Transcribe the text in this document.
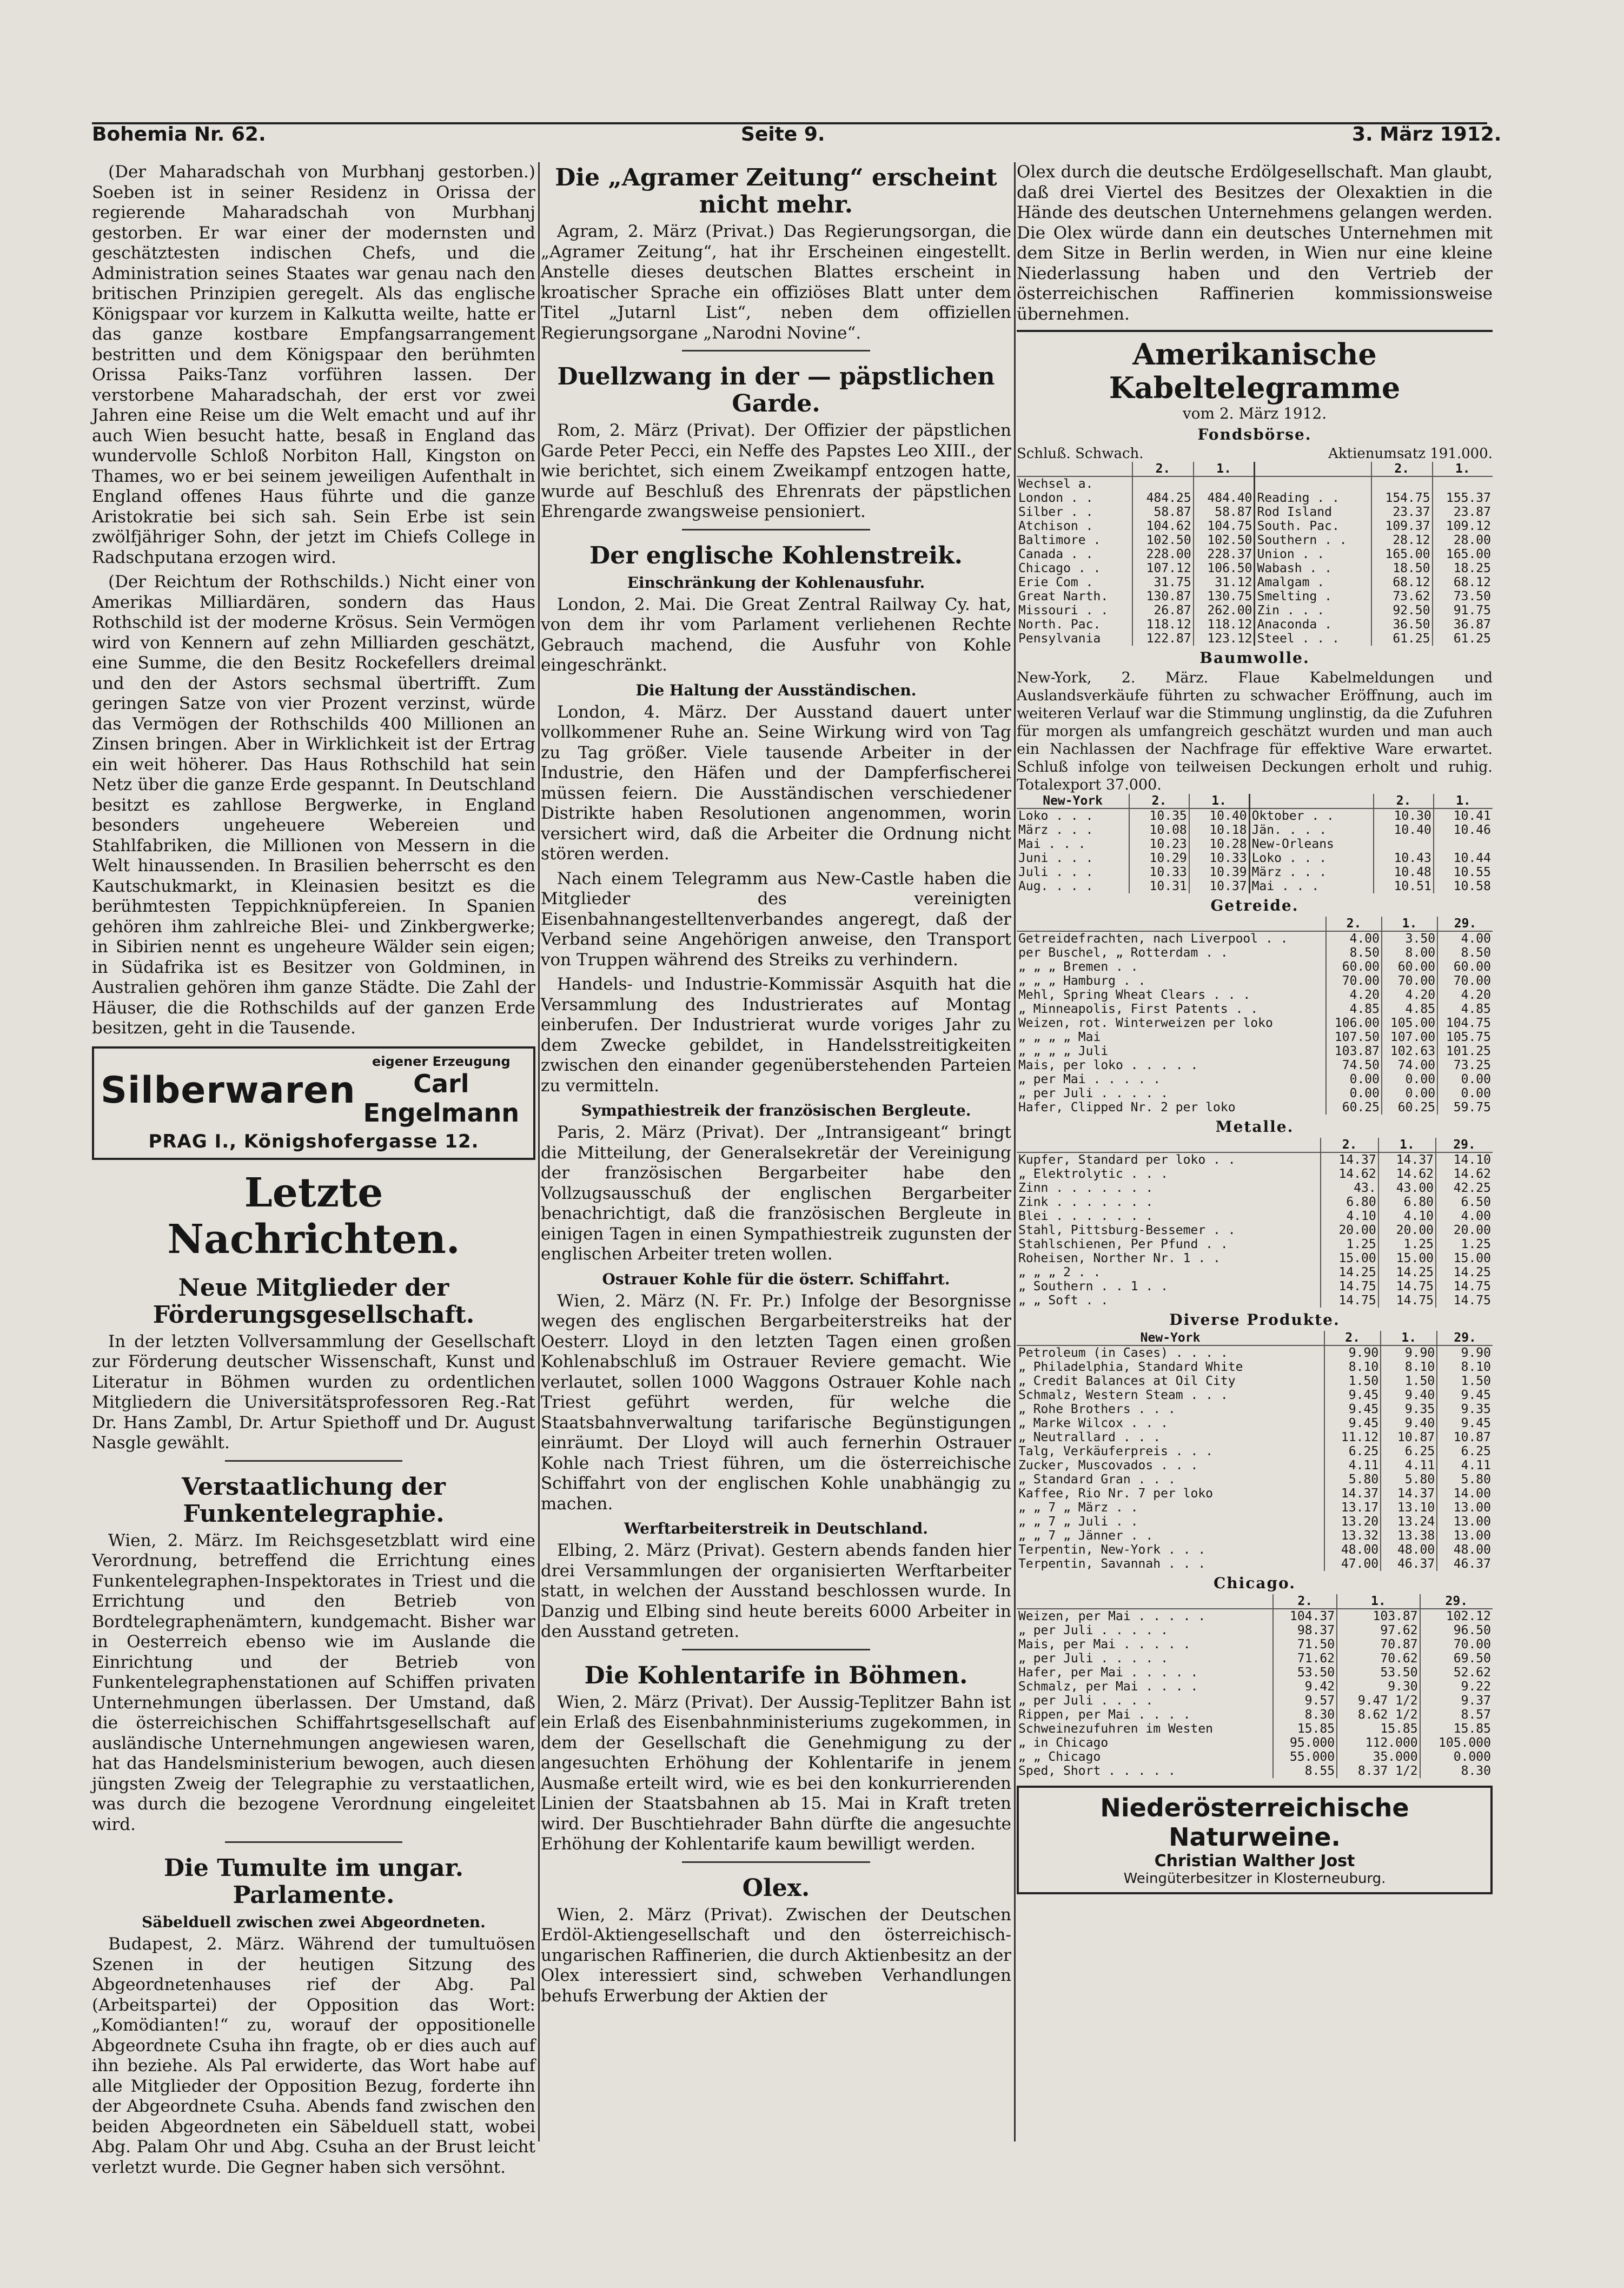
Bohemia Nr. 62.	Seite 9.	3. März 1912.

(Der Maharadschah von Murbhanj gestorben.) Soeben ist in seiner Residenz in Orissa der regierende Maharadschah von Murbhanj gestorben. Er war einer der modernsten und geschätztesten indischen Chefs, und die Administration seines Staates war genau nach den britischen Prinzipien geregelt. Als das englische Königspaar vor kurzem in Kalkutta weilte, hatte er das ganze kostbare Empfangsarrangement bestritten und dem Königspaar den berühmten Orissa Paiks-Tanz vorführen lassen. Der verstorbene Maharadschah, der erst vor zwei Jahren eine Reise um die Welt emacht und auf ihr auch Wien besucht hatte, besaß in England das wundervolle Schloß Norbiton Hall, Kingston on Thames, wo er bei seinem jeweiligen Aufenthalt in England offenes Haus führte und die ganze Aristokratie bei sich sah. Sein Erbe ist sein zwölfjähriger Sohn, der jetzt im Chiefs College in Radschputana erzogen wird.

(Der Reichtum der Rothschilds.) Nicht einer von Amerikas Milliardären, sondern das Haus Rothschild ist der moderne Krösus. Sein Vermögen wird von Kennern auf zehn Milliarden geschätzt, eine Summe, die den Besitz Rockefellers dreimal und den der Astors sechsmal übertrifft. Zum geringen Satze von vier Prozent verzinst, würde das Vermögen der Rothschilds 400 Millionen an Zinsen bringen. Aber in Wirklichkeit ist der Ertrag ein weit höherer. Das Haus Rothschild hat sein Netz über die ganze Erde gespannt. In Deutschland besitzt es zahllose Bergwerke, in England besonders ungeheuere Webereien und Stahlfabriken, die Millionen von Messern in die Welt hinaussenden. In Brasilien beherrscht es den Kautschukmarkt, in Kleinasien besitzt es die berühmtesten Teppichknüpfereien. In Spanien gehören ihm zahlreiche Blei- und Zinkbergwerke; in Sibirien nennt es ungeheure Wälder sein eigen; in Südafrika ist es Besitzer von Goldminen, in Australien gehören ihm ganze Städte. Die Zahl der Häuser, die die Rothschilds auf der ganzen Erde besitzen, geht in die Tausende.

Silberwaren
eigener Erzeugung
Carl Engelmann
PRAG I., Königshofergasse 12.
Letzte Nachrichten.
Neue Mitglieder der Förderungsgesellschaft.

In der letzten Vollversammlung der Gesellschaft zur Förderung deutscher Wissenschaft, Kunst und Literatur in Böhmen wurden zu ordentlichen Mitgliedern die Universitätsprofessoren Reg.-Rat Dr. Hans Zambl, Dr. Artur Spiethoff und Dr. August Nasgle gewählt.

Verstaatlichung der Funkentelegraphie.

Wien, 2. März. Im Reichsgesetzblatt wird eine Verordnung, betreffend die Errichtung eines Funkentelegraphen-Inspektorates in Triest und die Errichtung und den Betrieb von Bordtelegraphenämtern, kundgemacht. Bisher war in Oesterreich ebenso wie im Auslande die Einrichtung und der Betrieb von Funkentelegraphenstationen auf Schiffen privaten Unternehmungen überlassen. Der Umstand, daß die österreichischen Schiffahrtsgesellschaft auf ausländische Unternehmungen angewiesen waren, hat das Handelsministerium bewogen, auch diesen jüngsten Zweig der Telegraphie zu verstaatlichen, was durch die bezogene Verordnung eingeleitet wird.

Die Tumulte im ungar. Parlamente.
Säbelduell zwischen zwei Abgeordneten.

Budapest, 2. März. Während der tumultuösen Szenen in der heutigen Sitzung des Abgeordnetenhauses rief der Abg. Pal (Arbeitspartei) der Opposition das Wort: „Komödianten!“ zu, worauf der oppositionelle Abgeordnete Csuha ihn fragte, ob er dies auch auf ihn beziehe. Als Pal erwiderte, das Wort habe auf alle Mitglieder der Opposition Bezug, forderte ihn der Abgeordnete Csuha. Abends fand zwischen den beiden Abgeordneten ein Säbelduell statt, wobei Abg. Palam Ohr und Abg. Csuha an der Brust leicht verletzt wurde. Die Gegner haben sich versöhnt.

Die „Agramer Zeitung“ erscheint nicht mehr.

Agram, 2. März (Privat.) Das Regierungsorgan, die „Agramer Zeitung“, hat ihr Erscheinen eingestellt. Anstelle dieses deutschen Blattes erscheint in kroatischer Sprache ein offiziöses Blatt unter dem Titel „Jutarnl List“, neben dem offiziellen Regierungsorgane „Narodni Novine“.

Duellzwang in der — päpstlichen Garde.

Rom, 2. März (Privat). Der Offizier der päpstlichen Garde Peter Pecci, ein Neffe des Papstes Leo XIII., der wie berichtet, sich einem Zweikampf entzogen hatte, wurde auf Beschluß des Ehrenrats der päpstlichen Ehrengarde zwangsweise pensioniert.

Der englische Kohlenstreik.
Einschränkung der Kohlenausfuhr.

London, 2. Mai. Die Great Zentral Railway Cy. hat, von dem ihr vom Parlament verliehenen Rechte Gebrauch machend, die Ausfuhr von Kohle eingeschränkt.

Die Haltung der Ausständischen.

London, 4. März. Der Ausstand dauert unter vollkommener Ruhe an. Seine Wirkung wird von Tag zu Tag größer. Viele tausende Arbeiter in der Industrie, den Häfen und der Dampferfischerei müssen feiern. Die Ausständischen verschiedener Distrikte haben Resolutionen angenommen, worin versichert wird, daß die Arbeiter die Ordnung nicht stören werden.

Nach einem Telegramm aus New-Castle haben die Mitglieder des vereinigten Eisenbahnangestelltenverbandes angeregt, daß der Verband seine Angehörigen anweise, den Transport von Truppen während des Streiks zu verhindern.

Handels- und Industrie-Kommissär Asquith hat die Versammlung des Industrierates auf Montag einberufen. Der Industrierat wurde voriges Jahr zu dem Zwecke gebildet, in Handelsstreitigkeiten zwischen den einander gegenüberstehenden Parteien zu vermitteln.

Sympathiestreik der französischen Bergleute.

Paris, 2. März (Privat). Der „Intransigeant“ bringt die Mitteilung, der Generalsekretär der Vereinigung der französischen Bergarbeiter habe den Vollzugsausschuß der englischen Bergarbeiter benachrichtigt, daß die französischen Bergleute in einigen Tagen in einen Sympathiestreik zugunsten der englischen Arbeiter treten wollen.

Ostrauer Kohle für die österr. Schiffahrt.

Wien, 2. März (N. Fr. Pr.) Infolge der Besorgnisse wegen des englischen Bergarbeiterstreiks hat der Oesterr. Lloyd in den letzten Tagen einen großen Kohlenabschluß im Ostrauer Reviere gemacht. Wie verlautet, sollen 1000 Waggons Ostrauer Kohle nach Triest geführt werden, für welche die Staatsbahnverwaltung tarifarische Begünstigungen einräumt. Der Lloyd will auch fernerhin Ostrauer Kohle nach Triest führen, um die österreichische Schiffahrt von der englischen Kohle unabhängig zu machen.

Werftarbeiterstreik in Deutschland.

Elbing, 2. März (Privat). Gestern abends fanden hier drei Versammlungen der organisierten Werftarbeiter statt, in welchen der Ausstand beschlossen wurde. In Danzig und Elbing sind heute bereits 6000 Arbeiter in den Ausstand getreten.

Die Kohlentarife in Böhmen.

Wien, 2. März (Privat). Der Aussig-Teplitzer Bahn ist ein Erlaß des Eisenbahnministeriums zugekommen, in dem der Gesellschaft die Genehmigung zu der angesuchten Erhöhung der Kohlentarife in jenem Ausmaße erteilt wird, wie es bei den konkurrierenden Linien der Staatsbahnen ab 15. Mai in Kraft treten wird. Der Buschtiehrader Bahn dürfte die angesuchte Erhöhung der Kohlentarife kaum bewilligt werden.

Olex.

Wien, 2. März (Privat). Zwischen der Deutschen Erdöl-Aktiengesellschaft und den österreichisch-ungarischen Raffinerien, die durch Aktienbesitz an der Olex interessiert sind, schweben Verhandlungen behufs Erwerbung der Aktien der

Olex durch die deutsche Erdölgesellschaft. Man glaubt, daß drei Viertel des Besitzes der Olexaktien in die Hände des deutschen Unternehmens gelangen werden. Die Olex würde dann ein deutsches Unternehmen mit dem Sitze in Berlin werden, in Wien nur eine kleine Niederlassung haben und den Vertrieb der österreichischen Raffinerien kommissionsweise übernehmen.

Amerikanische Kabeltelegramme
vom 2. März 1912.
Fondsbörse.
Schluß. Schwach.	Aktienumsatz 191.000.
	2.	1.		2.	1.
Wechsel a.					
London . .	484.25	484.40	Reading . .	154.75	155.37
Silber . .	58.87	58.87	Rod Island	23.37	23.87
Atchison .	104.62	104.75	South. Pac.	109.37	109.12
Baltimore .	102.50	102.50	Southern . .	28.12	28.00
Canada . .	228.00	228.37	Union . .	165.00	165.00
Chicago . .	107.12	106.50	Wabash . .	18.50	18.25
Erie Com .	31.75	31.12	Amalgam .	68.12	68.12
Great Narth.	130.87	130.75	Smelting .	73.62	73.50
Missouri . .	26.87	262.00	Zin . . .	92.50	91.75
North. Pac.	118.12	118.12	Anaconda .	36.50	36.87
Pensylvania	122.87	123.12	Steel . . .	61.25	61.25
Baumwolle.
New-York, 2. März. Flaue Kabelmeldungen und Auslandsverkäufe führten zu schwacher Eröffnung, auch im weiteren Verlauf war die Stimmung unglinstig, da die Zufuhren für morgen als umfangreich geschätzt wurden und man auch ein Nachlassen der Nachfrage für effektive Ware erwartet. Schluß infolge von teilweisen Deckungen erholt und ruhig. Totalexport 37.000.
New-York	2.	1.		2.	1.
Loko . . .	10.35	10.40	Oktober . .	10.30	10.41
März . . .	10.08	10.18	Jän. . . .	10.40	10.46
Mai . . .	10.23	10.28	New-Orleans		
Juni . . .	10.29	10.33	Loko . . .	10.43	10.44
Juli . . .	10.33	10.39	März . . .	10.48	10.55
Aug. . . .	10.31	10.37	Mai . . .	10.51	10.58
Getreide.
	2.	1.	29.
Getreidefrachten, nach Liverpool . .	4.00	3.50	4.00
per Buschel, „ Rotterdam . .	8.50	8.00	8.50
„ „ „ Bremen . .	60.00	60.00	60.00
„ „ „ Hamburg . .	70.00	70.00	70.00
Mehl, Spring Wheat Clears . . .	4.20	4.20	4.20
„ Minneapolis, First Patents . .	4.85	4.85	4.85
Weizen, rot. Winterweizen per loko	106.00	105.00	104.75
„ „ „ „ Mai	107.50	107.00	105.75
„ „ „ „ Juli	103.87	102.63	101.25
Mais, per loko . . . . .	74.50	74.00	73.25
„ per Mai . . . . .	0.00	0.00	0.00
„ per Juli . . . . .	0.00	0.00	0.00
Hafer, Clipped Nr. 2 per loko	60.25	60.25	59.75
Metalle.
	2.	1.	29.
Kupfer, Standard per loko . .	14.37	14.37	14.10
„ Elektrolytic . . .	14.62	14.62	14.62
Zinn . . . . . . .	43.	43.00	42.25
Zink . . . . . . .	6.80	6.80	6.50
Blei . . . . . . .	4.10	4.10	4.00
Stahl, Pittsburg-Bessemer . .	20.00	20.00	20.00
Stahlschienen, Per Pfund . .	1.25	1.25	1.25
Roheisen, Norther Nr. 1 . .	15.00	15.00	15.00
„ „ „ 2 . .	14.25	14.25	14.25
„ Southern . . 1 . .	14.75	14.75	14.75
„ „ Soft . .	14.75	14.75	14.75
Diverse Produkte.
New-York	2.	1.	29.
Petroleum (in Cases) . . . .	9.90	9.90	9.90
„ Philadelphia, Standard White	8.10	8.10	8.10
„ Credit Balances at Oil City	1.50	1.50	1.50
Schmalz, Western Steam . . .	9.45	9.40	9.45
„ Rohe Brothers . . .	9.45	9.35	9.35
„ Marke Wilcox . . .	9.45	9.40	9.45
„ Neutrallard . . .	11.12	10.87	10.87
Talg, Verkäuferpreis . . .	6.25	6.25	6.25
Zucker, Muscovados . . .	4.11	4.11	4.11
„ Standard Gran . . .	5.80	5.80	5.80
Kaffee, Rio Nr. 7 per loko	14.37	14.37	14.00
„ „ 7 „ März . .	13.17	13.10	13.00
„ „ 7 „ Juli . .	13.20	13.24	13.00
„ „ 7 „ Jänner . .	13.32	13.38	13.00
Terpentin, New-York . . .	48.00	48.00	48.00
Terpentin, Savannah . . .	47.00	46.37	46.37
Chicago.
	2.	1.	29.
Weizen, per Mai . . . . .	104.37	103.87	102.12
„ per Juli . . . . .	98.37	97.62	96.50
Mais, per Mai . . . . .	71.50	70.87	70.00
„ per Juli . . . . .	71.62	70.62	69.50
Hafer, per Mai . . . . .	53.50	53.50	52.62
Schmalz, per Mai . . . .	9.42	9.30	9.22
„ per Juli . . . .	9.57	9.47 1/2	9.37
Rippen, per Mai . . . .	8.30	8.62 1/2	8.57
Schweinezufuhren im Westen	15.85	15.85	15.85
„ in Chicago	95.000	112.000	105.000
„ „ Chicago	55.000	35.000	0.000
Sped, Short . . . . .	8.55	8.37 1/2	8.30
Niederösterreichische Naturweine.
Christian Walther Jost
Weingüterbesitzer in Klosterneuburg.
